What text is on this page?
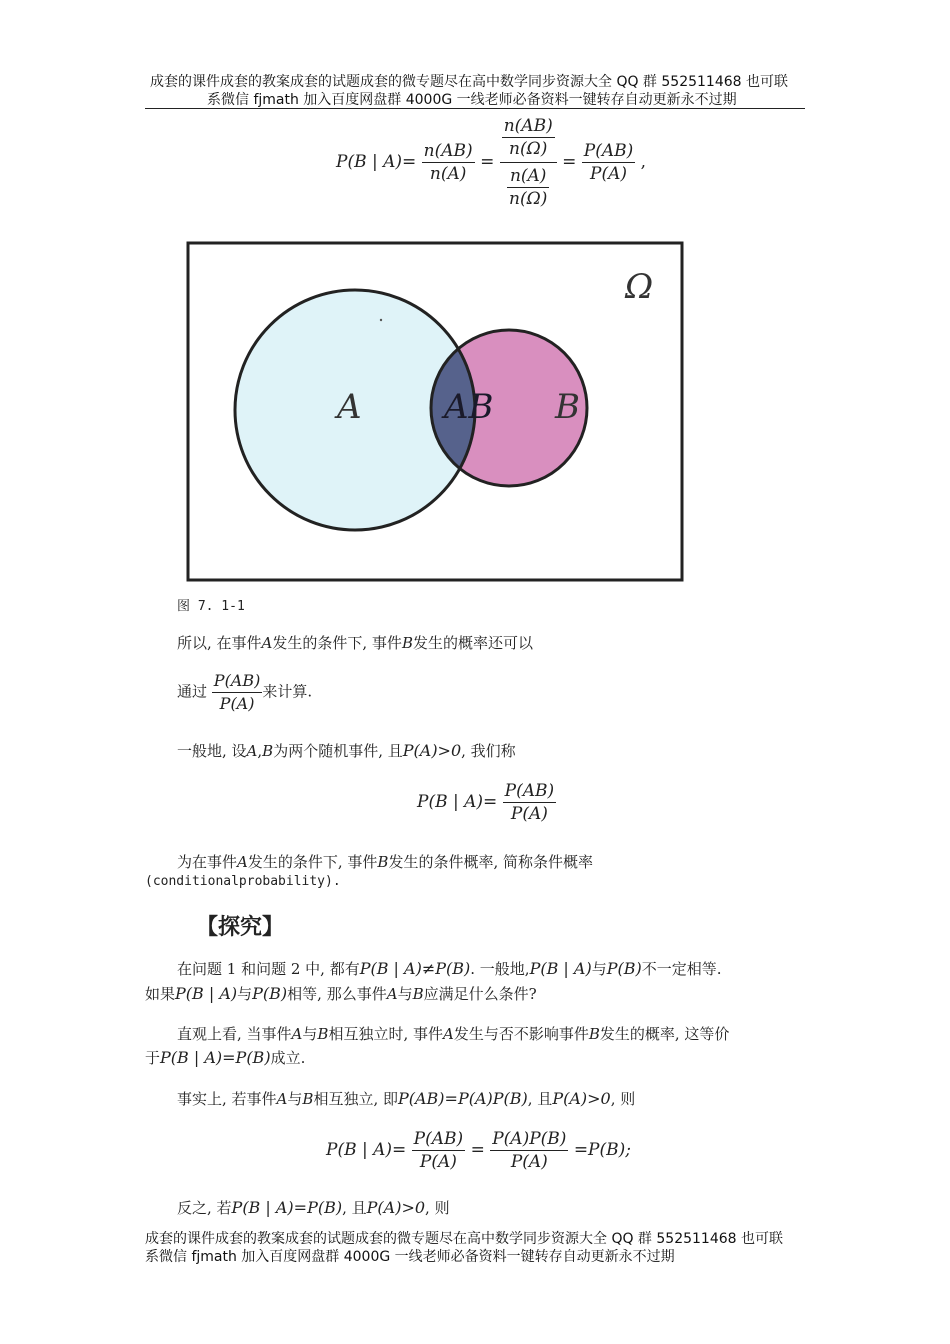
成套的课件成套的教案成套的试题成套的微专题尽在高中数学同步资源大全 QQ 群 552511468 也可联
系微信 fjmath 加入百度网盘群 4000G 一线老师必备资料一键转存自动更新永不过期
P(B | $A)= \frac{n(AB)}{n(A)} = \frac{\frac{n(AB)}{n(\Omega)}}{\frac{n(A)}{n(\Omega)}} = \frac{P(AB)}{P(A)}$ ,
Ω
A AB B
图 7. 1-1
所以, 在事件A发生的条件下, 事件B发生的概率还可以
通过 $\frac{P(AB)}{P(A)}$ 来计算.
一般地, 设A,B为两个随机事件, 且P(A)>0, 我们称
P(B | $A)= \frac{P(AB)}{P(A)}$
为在事件A发生的条件下, 事件B发生的条件概率, 简称条件概率
(conditionalprobability).
【探究】
在问题 1 和问题 2 中, 都有P(B | A)≠P(B). 一般地,P(B | A)与P(B)不一定相等.
如果P(B | A)与P(B)相等, 那么事件A与B应满足什么条件?
直观上看, 当事件A与B相互独立时, 事件A发生与否不影响事件B发生的概率, 这等价
于P(B | A)=P(B)成立.
事实上, 若事件A与B相互独立, 即P(AB)=P(A)P(B), 且P(A)>0, 则
P(B | $A)= \frac{P(AB)}{P(A)} = \frac{P(A)P(B)}{P(A)} =P(B)$;
反之, 若P(B | A)=P(B), 且P(A)>0, 则
成套的课件成套的教案成套的试题成套的微专题尽在高中数学同步资源大全 QQ 群 552511468 也可联
系微信 fjmath 加入百度网盘群 4000G 一线老师必备资料一键转存自动更新永不过期
